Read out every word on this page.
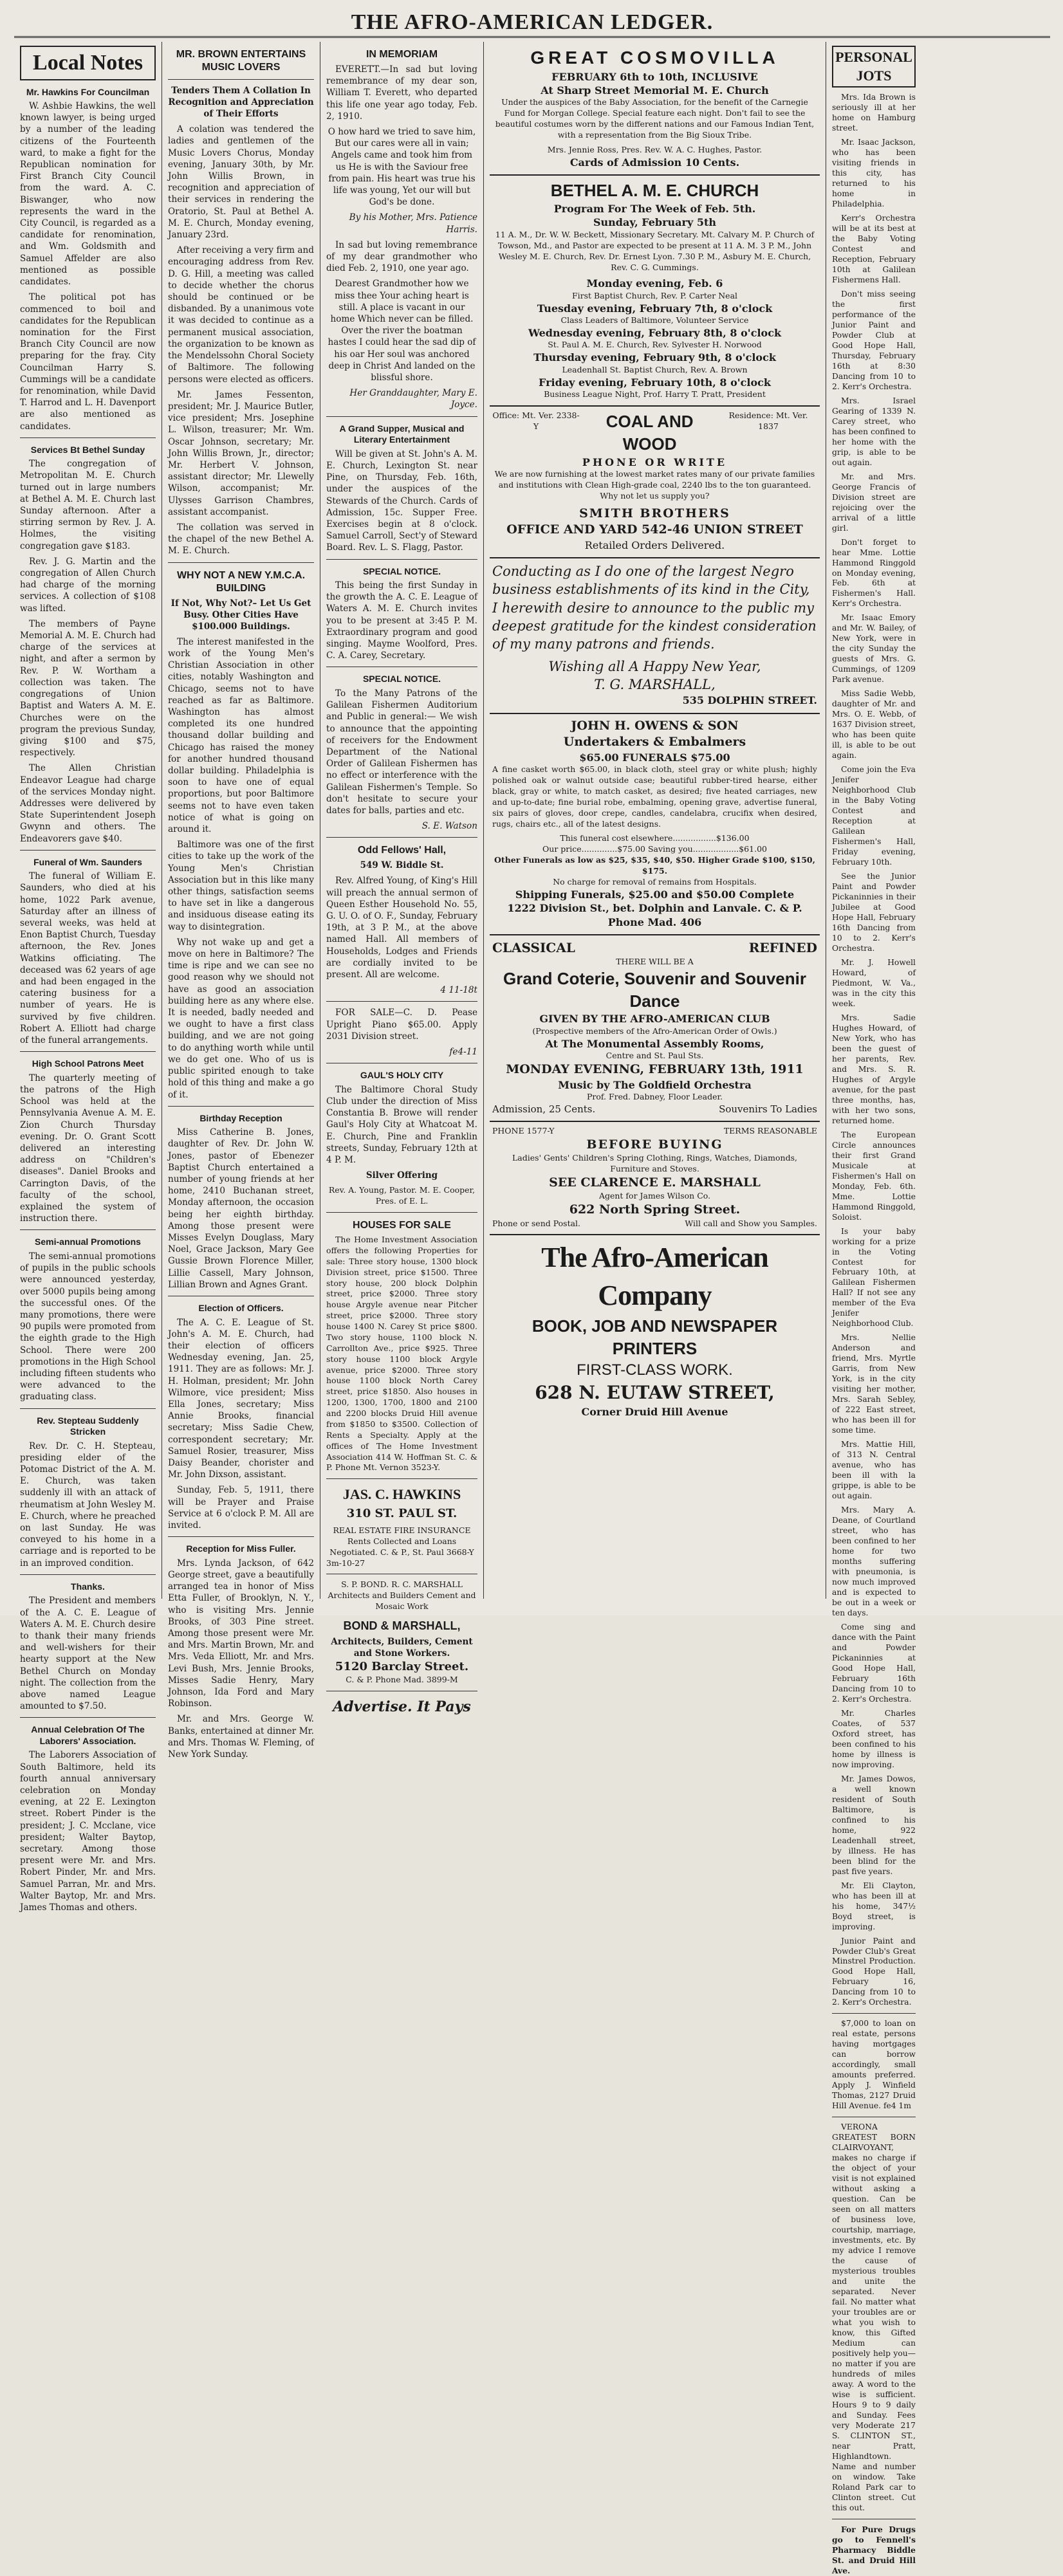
THE AFRO-AMERICAN LEDGER.
Local Notes
Mr. Hawkins For Councilman

W. Ashbie Hawkins, the well known lawyer, is being urged by a number of the leading citizens of the Fourteenth ward, to make a fight for the Republican nomination for First Branch City Council from the ward. A. C. Biswanger, who now represents the ward in the City Council, is regarded as a candidate for renomination, and Wm. Goldsmith and Samuel Affelder are also mentioned as possible candidates.

The political pot has commenced to boil and candidates for the Republican nomination for the First Branch City Council are now preparing for the fray. City Councilman Harry S. Cummings will be a candidate for renomination, while David T. Harrod and L. H. Davenport are also mentioned as candidates.

Services Bt Bethel Sunday

The congregation of Metropolitan M. E. Church turned out in large numbers at Bethel A. M. E. Church last Sunday afternoon. After a stirring sermon by Rev. J. A. Holmes, the visiting congregation gave $183.

Rev. J. G. Martin and the congregation of Allen Church had charge of the morning services. A collection of $108 was lifted.

The members of Payne Memorial A. M. E. Church had charge of the services at night, and after a sermon by Rev. P. W. Wortham a collection was taken. The congregations of Union Baptist and Waters A. M. E. Churches were on the program the previous Sunday, giving $100 and $75, respectively.

The Allen Christian Endeavor League had charge of the services Monday night. Addresses were delivered by State Superintendent Joseph Gwynn and others. The Endeavorers gave $40.

Funeral of Wm. Saunders

The funeral of William E. Saunders, who died at his home, 1022 Park avenue, Saturday after an illness of several weeks, was held at Enon Baptist Church, Tuesday afternoon, the Rev. Jones Watkins officiating. The deceased was 62 years of age and had been engaged in the catering business for a number of years. He is survived by five children. Robert A. Elliott had charge of the funeral arrangements.

High School Patrons Meet

The quarterly meeting of the patrons of the High School was held at the Pennsylvania Avenue A. M. E. Zion Church Thursday evening. Dr. O. Grant Scott delivered an interesting address on "Children's diseases". Daniel Brooks and Carrington Davis, of the faculty of the school, explained the system of instruction there.

Semi-annual Promotions

The semi-annual promotions of pupils in the public schools were announced yesterday, over 5000 pupils being among the successful ones. Of the many promotions, there were 90 pupils were promoted from the eighth grade to the High School. There were 200 promotions in the High School including fifteen students who were advanced to the graduating class.

Rev. Stepteau Suddenly Stricken

Rev. Dr. C. H. Stepteau, presiding elder of the Potomac District of the A. M. E. Church, was taken suddenly ill with an attack of rheumatism at John Wesley M. E. Church, where he preached on last Sunday. He was conveyed to his home in a carriage and is reported to be in an improved condition.

Thanks.

The President and members of the A. C. E. League of Waters A. M. E. Church desire to thank their many friends and well-wishers for their hearty support at the New Bethel Church on Monday night. The collection from the above named League amounted to $7.50.

Annual Celebration Of The Laborers' Association.

The Laborers Association of South Baltimore, held its fourth annual anniversary celebration on Monday evening, at 22 E. Lexington street. Robert Pinder is the president; J. C. Mcclane, vice president; Walter Baytop, secretary. Among those present were Mr. and Mrs. Robert Pinder, Mr. and Mrs. Samuel Parran, Mr. and Mrs. Walter Baytop, Mr. and Mrs. James Thomas and others.

MR. BROWN ENTERTAINS MUSIC LOVERS
Tenders Them A Collation In Recognition and Appreciation of Their Efforts

A colation was tendered the ladies and gentlemen of the Music Lovers Chorus, Monday evening, January 30th, by Mr. John Willis Brown, in recognition and appreciation of their services in rendering the Oratorio, St. Paul at Bethel A. M. E. Church, Monday evening, January 23rd.

After receiving a very firm and encouraging address from Rev. D. G. Hill, a meeting was called to decide whether the chorus should be continued or be disbanded. By a unanimous vote it was decided to continue as a permanent musical association, the organization to be known as the Mendelssohn Choral Society of Baltimore. The following persons were elected as officers.

Mr. James Fessenton, president; Mr. J. Maurice Butler, vice president; Mrs. Josephine L. Wilson, treasurer; Mr. Wm. Oscar Johnson, secretary; Mr. John Willis Brown, Jr., director; Mr. Herbert V. Johnson, assistant director; Mr. Llewelly Wilson, accompanist; Mr. Ulysses Garrison Chambres, assistant accompanist.

The collation was served in the chapel of the new Bethel A. M. E. Church.

WHY NOT A NEW Y.M.C.A. BUILDING
If Not, Why Not?– Let Us Get Busy. Other Cities Have $100.000 Buildings.

The interest manifested in the work of the Young Men's Christian Association in other cities, notably Washington and Chicago, seems not to have reached as far as Baltimore. Washington has almost completed its one hundred thousand dollar building and Chicago has raised the money for another hundred thousand dollar building. Philadelphia is soon to have one of equal proportions, but poor Baltimore seems not to have even taken notice of what is going on around it.

Baltimore was one of the first cities to take up the work of the Young Men's Christian Association but in this like many other things, satisfaction seems to have set in like a dangerous and insiduous disease eating its way to disintegration.

Why not wake up and get a move on here in Baltimore? The time is ripe and we can see no good reason why we should not have as good an association building here as any where else. It is needed, badly needed and we ought to have a first class building, and we are not going to do anything worth while until we do get one. Who of us is public spirited enough to take hold of this thing and make a go of it.

Birthday Reception

Miss Catherine B. Jones, daughter of Rev. Dr. John W. Jones, pastor of Ebenezer Baptist Church entertained a number of young friends at her home, 2410 Buchanan street, Monday afternoon, the occasion being her eighth birthday. Among those present were Misses Evelyn Douglass, Mary Noel, Grace Jackson, Mary Gee Gussie Brown Florence Miller, Lillie Cassell, Mary Johnson, Lillian Brown and Agnes Grant.

Election of Officers.

The A. C. E. League of St. John's A. M. E. Church, had their election of officers Wednesday evening, Jan. 25, 1911. They are as follows: Mr. J. H. Holman, president; Mr. John Wilmore, vice president; Miss Ella Jones, secretary; Miss Annie Brooks, financial secretary; Miss Sadie Chew, correspondent secretary; Mr. Samuel Rosier, treasurer, Miss Daisy Beander, chorister and Mr. John Dixson, assistant.

Sunday, Feb. 5, 1911, there will be Prayer and Praise Service at 6 o'clock P. M. All are invited.

Reception for Miss Fuller.

Mrs. Lynda Jackson, of 642 George street, gave a beautifully arranged tea in honor of Miss Etta Fuller, of Brooklyn, N. Y., who is visiting Mrs. Jennie Brooks, of 303 Pine street. Among those present were Mr. and Mrs. Martin Brown, Mr. and Mrs. Veda Elliott, Mr. and Mrs. Levi Bush, Mrs. Jennie Brooks, Misses Sadie Henry, Mary Johnson, Ida Ford and Mary Robinson.

Mr. and Mrs. George W. Banks, entertained at dinner Mr. and Mrs. Thomas W. Fleming, of New York Sunday.

IN MEMORIAM

EVERETT.—In sad but loving remembrance of my dear son, William T. Everett, who departed this life one year ago today, Feb. 2, 1910.

O how hard we tried to save him, But our cares were all in vain; Angels came and took him from us He is with the Saviour free from pain. His heart was true his life was young, Yet our will but God's be done.

By his Mother, Mrs. Patience Harris.

In sad but loving remembrance of my dear grandmother who died Feb. 2, 1910, one year ago.

Dearest Grandmother how we miss thee Your aching heart is still. A place is vacant in our home Which never can be filled. Over the river the boatman hastes I could hear the sad dip of his oar Her soul was anchored deep in Christ And landed on the blissful shore.

Her Granddaughter, Mary E. Joyce.
A Grand Supper, Musical and Literary Entertainment

Will be given at St. John's A. M. E. Church, Lexington St. near Pine, on Thursday, Feb. 16th, under the auspices of the Stewards of the Church. Cards of Admission, 15c. Supper Free. Exercises begin at 8 o'clock. Samuel Carroll, Sect'y of Steward Board. Rev. L. S. Flagg, Pastor.

SPECIAL NOTICE.

This being the first Sunday in the growth the A. C. E. League of Waters A. M. E. Church invites you to be present at 3:45 P. M. Extraordinary program and good singing. Mayme Woolford, Pres. C. A. Carey, Secretary.

SPECIAL NOTICE.

To the Many Patrons of the Galilean Fishermen Auditorium and Public in general:— We wish to announce that the appointing of receivers for the Endowment Department of the National Order of Galilean Fishermen has no effect or interference with the Galilean Fishermen's Temple. So don't hesitate to secure your dates for balls, parties and etc.

S. E. Watson
Odd Fellows' Hall,
549 W. Biddle St.

Rev. Alfred Young, of King's Hill will preach the annual sermon of Queen Esther Household No. 55, G. U. O. of O. F., Sunday, February 19th, at 3 P. M., at the above named Hall. All members of Households, Lodges and Friends are cordially invited to be present. All are welcome.

4 11-18t

FOR SALE—C. D. Pease Upright Piano $65.00. Apply 2031 Division street.

fe4-11
GAUL'S HOLY CITY

The Baltimore Choral Study Club under the direction of Miss Constantia B. Browe will render Gaul's Holy City at Whatcoat M. E. Church, Pine and Franklin streets, Sunday, February 12th at 4 P. M.

Silver Offering
Rev. A. Young, Pastor. M. E. Cooper, Pres. of E. L.
HOUSES FOR SALE

The Home Investment Association offers the following Properties for sale: Three story house, 1300 block Division street, price $1500. Three story house, 200 block Dolphin street, price $2000. Three story house Argyle avenue near Pitcher street, price $2000. Three story house 1400 N. Carey St price $800. Two story house, 1100 block N. Carrollton Ave., price $925. Three story house 1100 block Argyle avenue, price $2000. Three story house 1100 block North Carey street, price $1850. Also houses in 1200, 1300, 1700, 1800 and 2100 and 2200 blocks Druid Hill avenue from $1850 to $3500. Collection of Rents a Specialty. Apply at the offices of The Home Investment Association 414 W. Hoffman St. C. & P. Phone Mt. Vernon 3523-Y.

JAS. C. HAWKINS
310 ST. PAUL ST.
REAL ESTATE FIRE INSURANCE Rents Collected and Loans Negotiated. C. & P., St. Paul 3668-Y
3m-10-27
S. P. BOND. R. C. MARSHALL
Architects and Builders Cement and Mosaic Work
BOND & MARSHALL,
Architects, Builders, Cement and Stone Workers.
5120 Barclay Street.
C. & P. Phone Mad. 3899-M
Advertise. It Pays
GREAT COSMOVILLA
FEBRUARY 6th to 10th, INCLUSIVE
At Sharp Street Memorial M. E. Church

Under the auspices of the Baby Association, for the benefit of the Carnegie Fund for Morgan College. Special feature each night. Don't fail to see the beautiful costumes worn by the different nations and our Famous Indian Tent, with a representation from the Big Sioux Tribe.

Mrs. Jennie Ross, Pres. Rev. W. A. C. Hughes, Pastor.
Cards of Admission 10 Cents.
BETHEL A. M. E. CHURCH
Program For The Week of Feb. 5th.
Sunday, February 5th

11 A. M., Dr. W. W. Beckett, Missionary Secretary. Mt. Calvary M. P. Church of Towson, Md., and Pastor are expected to be present at 11 A. M. 3 P. M., John Wesley M. E. Church, Rev. Dr. Ernest Lyon. 7.30 P. M., Asbury M. E. Church, Rev. C. G. Cummings.

Monday evening, Feb. 6
First Baptist Church, Rev. P. Carter Neal
Tuesday evening, February 7th, 8 o'clock
Class Leaders of Baltimore, Volunteer Service
Wednesday evening, February 8th, 8 o'clock
St. Paul A. M. E. Church, Rev. Sylvester H. Norwood
Thursday evening, February 9th, 8 o'clock
Leadenhall St. Baptist Church, Rev. A. Brown
Friday evening, February 10th, 8 o'clock
Business League Night, Prof. Harry T. Pratt, President
Office: Mt. Ver. 2338-Y	COAL AND WOOD
Residence: Mt. Ver. 1837
PHONE OR WRITE

We are now furnishing at the lowest market rates many of our private families and institutions with Clean High-grade coal, 2240 lbs to the ton guaranteed. Why not let us supply you?

SMITH BROTHERS
OFFICE AND YARD 542-46 UNION STREET
Retailed Orders Delivered.

Conducting as I do one of the largest Negro business establishments of its kind in the City, I herewith desire to announce to the public my deepest gratitude for the kindest consideration of my many patrons and friends.

Wishing all A Happy New Year,
T. G. MARSHALL,
535 DOLPHIN STREET.
JOHN H. OWENS & SON
Undertakers & Embalmers
$65.00 FUNERALS $75.00

A fine casket worth $65.00, in black cloth, steel gray or white plush; highly polished oak or walnut outside case; beautiful rubber-tired hearse, either black, gray or white, to match casket, as desired; five heated carriages, new and up-to-date; fine burial robe, embalming, opening grave, advertise funeral, six pairs of gloves, door crepe, candles, candelabra, crucifix when desired, rugs, chairs etc., all of the latest designs.

This funeral cost elsewhere.................$136.00
Our price..............$75.00 Saving you..................$61.00
Other Funerals as low as $25, $35, $40, $50. Higher Grade $100, $150, $175.
No charge for removal of remains from Hospitals.
Shipping Funerals, $25.00 and $50.00 Complete
1222 Division St., bet. Dolphin and Lanvale. C. & P. Phone Mad. 406
CLASSICAL	REFINED
THERE WILL BE A
Grand Coterie, Souvenir and Souvenir Dance
GIVEN BY THE AFRO-AMERICAN CLUB
(Prospective members of the Afro-American Order of Owls.)
At The Monumental Assembly Rooms,
Centre and St. Paul Sts.
MONDAY EVENING, FEBRUARY 13th, 1911
Music by The Goldfield Orchestra
Prof. Fred. Dabney, Floor Leader.
Admission, 25 Cents.	Souvenirs To Ladies
PHONE 1577-Y	TERMS REASONABLE
BEFORE BUYING
Ladies' Gents' Children's Spring Clothing, Rings, Watches, Diamonds, Furniture and Stoves.
SEE CLARENCE E. MARSHALL
Agent for James Wilson Co.
622 North Spring Street.
Phone or send Postal.	Will call and Show you Samples.
The Afro-American Company
BOOK, JOB AND NEWSPAPER PRINTERS
FIRST-CLASS WORK.
628 N. EUTAW STREET,
Corner Druid Hill Avenue
PERSONAL JOTS

Mrs. Ida Brown is seriously ill at her home on Hamburg street.

Mr. Isaac Jackson, who has been visiting friends in this city, has returned to his home in Philadelphia.

Kerr's Orchestra will be at its best at the Baby Voting Contest and Reception, February 10th at Galilean Fishermens Hall.

Don't miss seeing the first performance of the Junior Paint and Powder Club at Good Hope Hall, Thursday, February 16th at 8:30 Dancing from 10 to 2. Kerr's Orchestra.

Mrs. Israel Gearing of 1339 N. Carey street, who has been confined to her home with the grip, is able to be out again.

Mr. and Mrs. George Francis of Division street are rejoicing over the arrival of a little girl.

Don't forget to hear Mme. Lottie Hammond Ringgold on Monday evening, Feb. 6th at Fishermen's Hall. Kerr's Orchestra.

Mr. Isaac Emory and Mr. W. Bailey, of New York, were in the city Sunday the guests of Mrs. G. Cummings, of 1209 Park avenue.

Miss Sadie Webb, daughter of Mr. and Mrs. O. E. Webb, of 1637 Division street, who has been quite ill, is able to be out again.

Come join the Eva Jenifer Neighborhood Club in the Baby Voting Contest and Reception at Galilean Fishermen's Hall, Friday evening, February 10th.

See the Junior Paint and Powder Pickaninnies in their Jubilee at Good Hope Hall, February 16th Dancing from 10 to 2. Kerr's Orchestra.

Mr. J. Howell Howard, of Piedmont, W. Va., was in the city this week.

Mrs. Sadie Hughes Howard, of New York, who has been the guest of her parents, Rev. and Mrs. S. R. Hughes of Argyle avenue, for the past three months, has, with her two sons, returned home.

The European Circle announces their first Grand Musicale at Fishermen's Hall on Monday, Feb. 6th. Mme. Lottie Hammond Ringgold, Soloist.

Is your baby working for a prize in the Voting Contest for February 10th, at Galilean Fishermen Hall? If not see any member of the Eva Jenifer Neighborhood Club.

Mrs. Nellie Anderson and friend, Mrs. Myrtle Garris, from New York, is in the city visiting her mother, Mrs. Sarah Sebley, of 222 East street, who has been ill for some time.

Mrs. Mattie Hill, of 313 N. Central avenue, who has been ill with la grippe, is able to be out again.

Mrs. Mary A. Deane, of Courtland street, who has been confined to her home for two months suffering with pneumonia, is now much improved and is expected to be out in a week or ten days.

Come sing and dance with the Paint and Powder Pickaninnies at Good Hope Hall, February 16th Dancing from 10 to 2. Kerr's Orchestra.

Mr. Charles Coates, of 537 Oxford street, has been confined to his home by illness is now improving.

Mr. James Dowos, a well known resident of South Baltimore, is confined to his home, 922 Leadenhall street, by illness. He has been blind for the past five years.

Mr. Eli Clayton, who has been ill at his home, 347½ Boyd street, is improving.

Junior Paint and Powder Club's Great Minstrel Production. Good Hope Hall, February 16, Dancing from 10 to 2. Kerr's Orchestra.

$7,000 to loan on real estate, persons having mortgages can borrow accordingly, small amounts preferred. Apply J. Winfield Thomas, 2127 Druid Hill Avenue. fe4 1m

VERONA GREATEST BORN CLAIRVOYANT, makes no charge if the object of your visit is not explained without asking a question. Can be seen on all matters of business love, courtship, marriage, investments, etc. By my advice I remove the cause of mysterious troubles and unite the separated. Never fail. No matter what your troubles are or what you wish to know, this Gifted Medium can positively help you—no matter if you are hundreds of miles away. A word to the wise is sufficient. Hours 9 to 9 daily and Sunday. Fees very Moderate 217 S. CLINTON ST., near Pratt, Highlandtown. Name and number on window. Take Roland Park car to Clinton street. Cut this out.

For Pure Drugs go to Fennell's Pharmacy Biddle St. and Druid Hill Ave.
